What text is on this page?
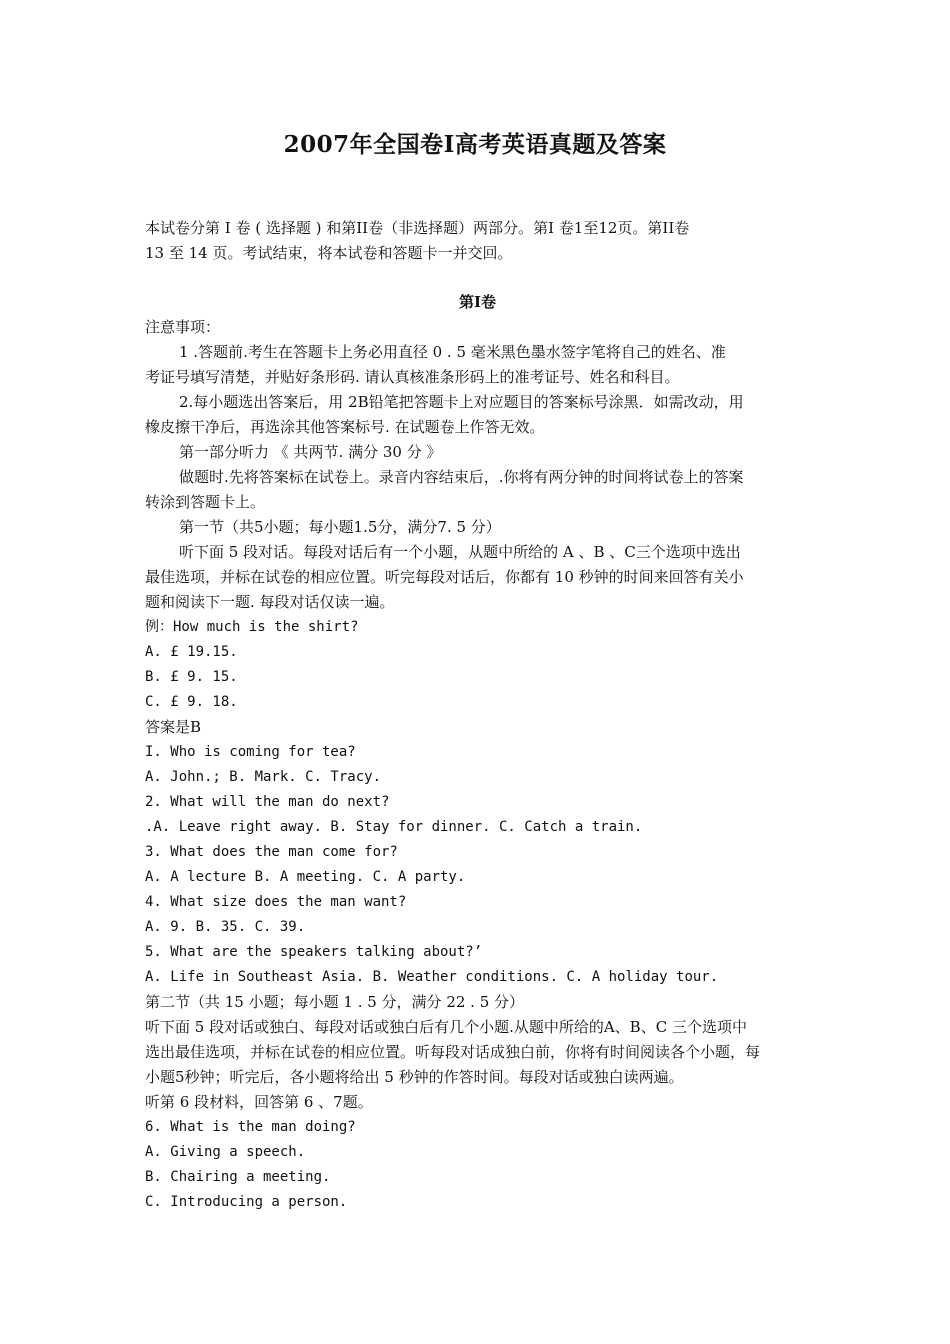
2007年全国卷I高考英语真题及答案
本试卷分第 I 卷 ( 选择题 ) 和第II卷（非选择题）两部分。第I 卷1至12页。第II卷
13 至 14 页。考试结束，将本试卷和答题卡一并交回。
第I卷
注意事项：
1 .答题前.考生在答题卡上务必用直径 0 . 5 毫米黑色墨水签字笔将自己的姓名、准
考证号填写清楚，并贴好条形码. 请认真核准条形码上的准考证号、姓名和科目。
2.每小题选出答案后，用 2B铅笔把答题卡上对应题目的答案标号涂黑．如需改动，用
橡皮擦干净后，再选涂其他答案标号. 在试题卷上作答无效。
第一部分听力 《 共两节. 满分 30 分 》
做题时.先将答案标在试卷上。录音内容结束后，.你将有两分钟的时间将试卷上的答案
转涂到答题卡上。
第一节（共5小题；每小题1.5分，满分7. 5 分）
听下面 5 段对话。每段对话后有一个小题，从题中所给的 A 、B 、C三个选项中选出
最佳选项，并标在试卷的相应位置。听完每段对话后，你都有 10 秒钟的时间来回答有关小
题和阅读下一题. 每段对话仅读一遍。
例：How much is the shirt?
A. £ 19.15.
B. £ 9. 15.
C. £ 9. 18.
答案是B
I. Who is coming for tea?
A. John.; B. Mark. C. Tracy.
2. What will the man do next?
.A. Leave right away. B. Stay for dinner. C. Catch a train.
3. What does the man come for?
A. A lecture B. A meeting. C. A party.
4. What size does the man want?
A. 9. B. 35. C. 39.
5. What are the speakers talking about?’
A. Life in Southeast Asia. B. Weather conditions. C. A holiday tour.
第二节（共 15 小题；每小题 1 . 5 分，满分 22 . 5 分）
听下面 5 段对话或独白、每段对话或独白后有几个小题.从题中所给的A、B、C 三个选项中
选出最佳选项，并标在试卷的相应位置。听每段对话成独白前，你将有时间阅读各个小题，每
小题5秒钟；听完后，各小题将给出 5 秒钟的作答时间。每段对话或独白读两遍。
听第 6 段材料，回答第 6 、7题。
6. What is the man doing?
A. Giving a speech.
B. Chairing a meeting.
C. Introducing a person.
